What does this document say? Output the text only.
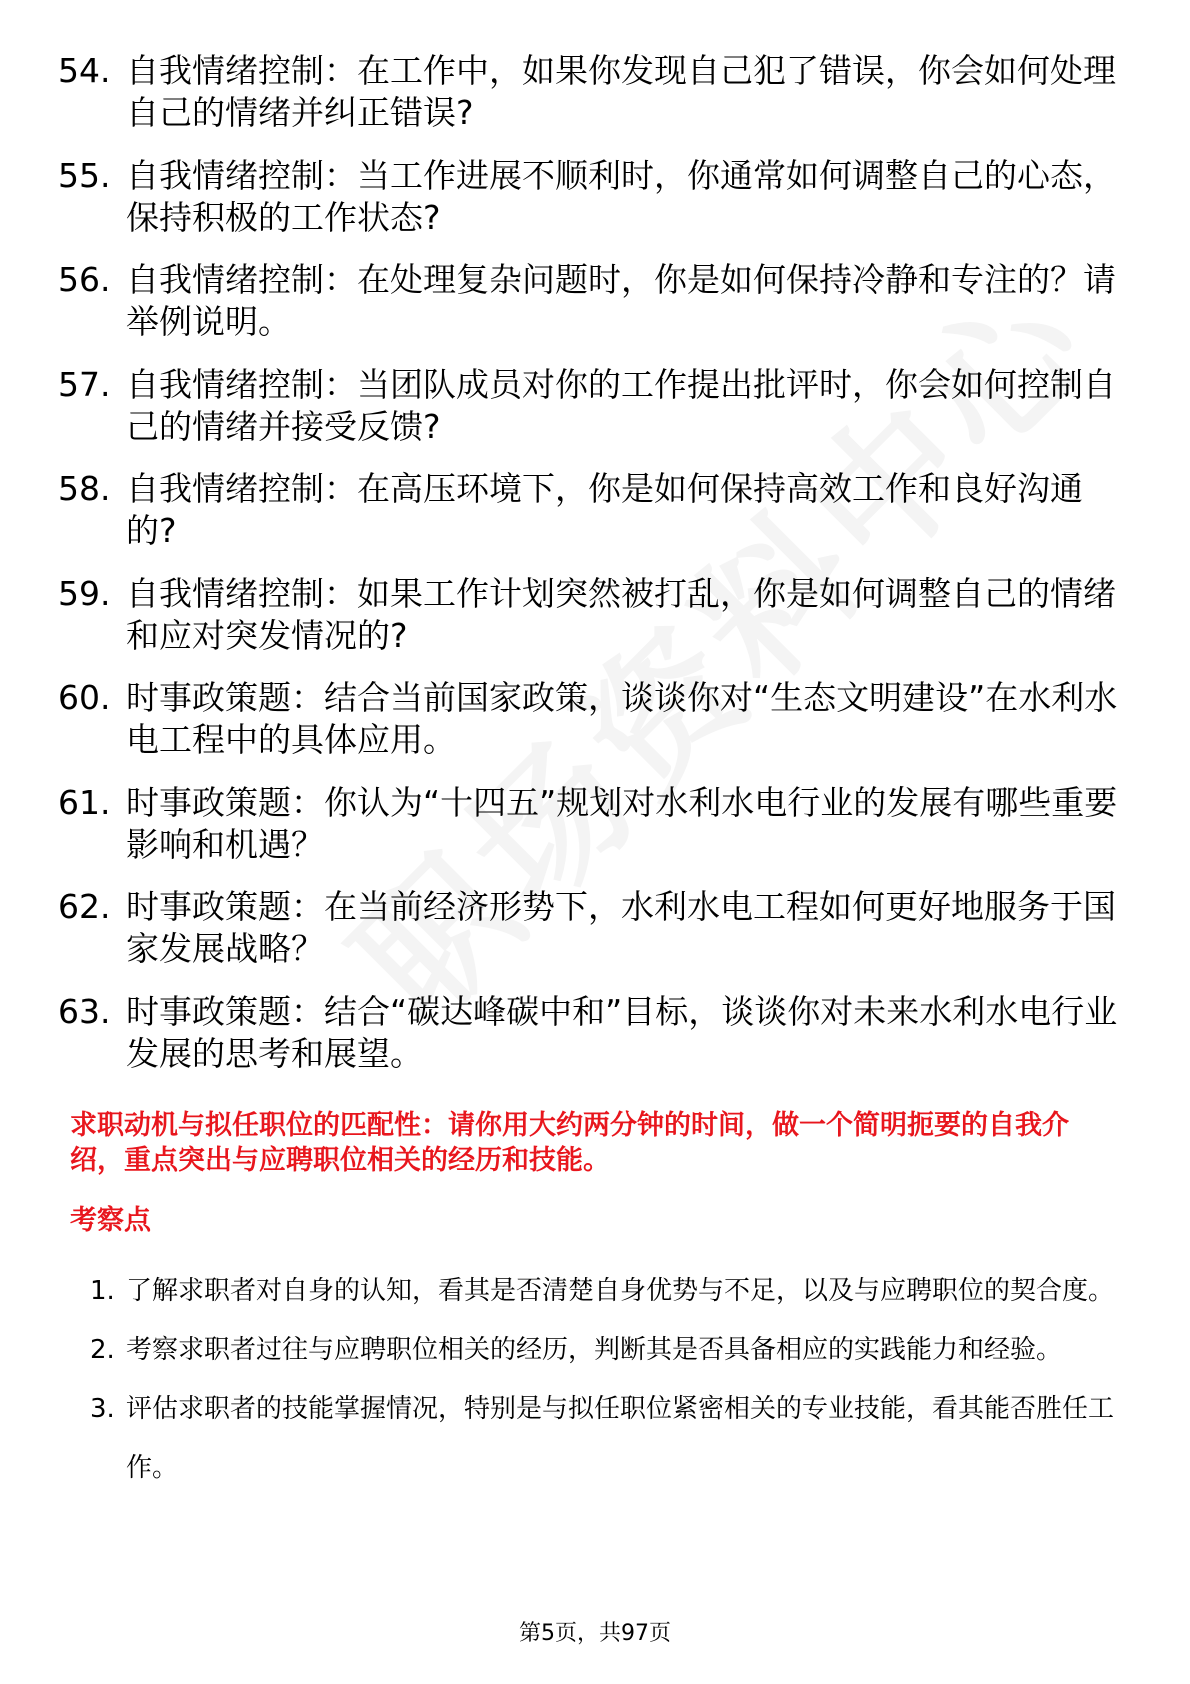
54. 自我情绪控制：在工作中，如果你发现自己犯了错误，你会如何处理自己的情绪并纠正错误?
55. 自我情绪控制：当工作进展不顺利时，你通常如何调整自己的心态，保持积极的工作状态?
56. 自我情绪控制：在处理复杂问题时，你是如何保持冷静和专注的？请举例说明。
57. 自我情绪控制：当团队成员对你的工作提出批评时，你会如何控制自己的情绪并接受反馈?
58. 自我情绪控制：在高压环境下，你是如何保持高效工作和良好沟通的?
59. 自我情绪控制：如果工作计划突然被打乱，你是如何调整自己的情绪和应对突发情况的?
60. 时事政策题：结合当前国家政策，谈谈你对“生态文明建设”在水利水电工程中的具体应用。
61. 时事政策题：你认为“十四五”规划对水利水电行业的发展有哪些重要影响和机遇？
62. 时事政策题：在当前经济形势下，水利水电工程如何更好地服务于国家发展战略？
63. 时事政策题：结合“碳达峰碳中和”目标，谈谈你对未来水利水电行业发展的思考和展望。
求职动机与拟任职位的匹配性：请你用大约两分钟的时间，做一个简明扼要的自我介绍，重点突出与应聘职位相关的经历和技能。
考察点
1. 了解求职者对自身的认知，看其是否清楚自身优势与不足，以及与应聘职位的契合度。
2. 考察求职者过往与应聘职位相关的经历，判断其是否具备相应的实践能力和经验。
3. 评估求职者的技能掌握情况，特别是与拟任职位紧密相关的专业技能，看其能否胜任工作。
第5页，共97页
